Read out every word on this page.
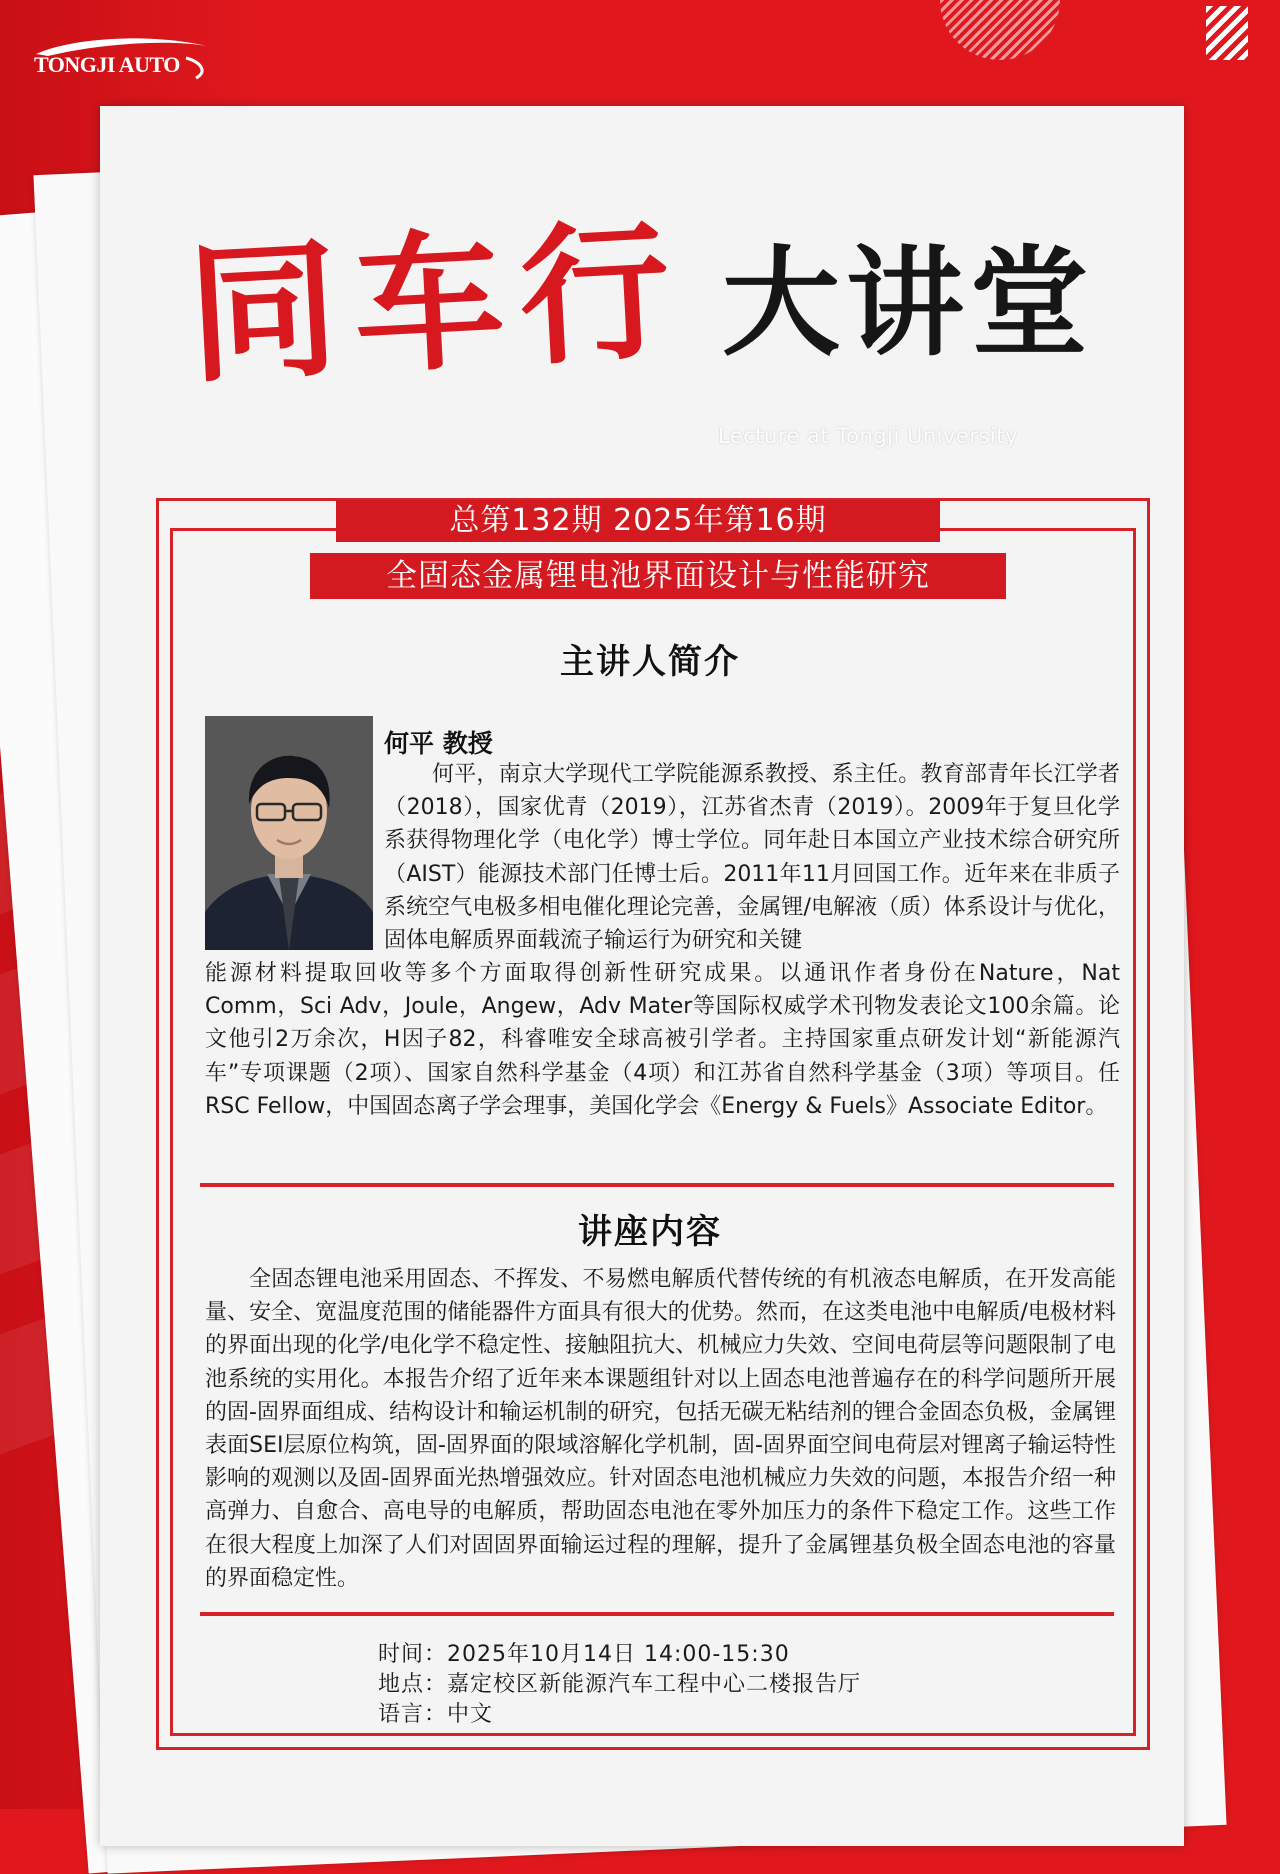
TONGJI AUTO
同车行 大讲堂
Lecture at Tongji University
总第132期 2025年第16期
全固态金属锂电池界面设计与性能研究
主讲人简介
何平 教授
何平，南京大学现代工学院能源系教授、系主任。教育部青年长江学者（2018），国家优青（2019），江苏省杰青（2019）。2009年于复旦化学系获得物理化学（电化学）博士学位。同年赴日本国立产业技术综合研究所（AIST）能源技术部门任博士后。2011年11月回国工作。近年来在非质子系统空气电极多相电催化理论完善，金属锂/电解液（质）体系设计与优化，固体电解质界面载流子输运行为研究和关键
能源材料提取回收等多个方面取得创新性研究成果。以通讯作者身份在Nature，Nat Comm，Sci Adv，Joule，Angew，Adv Mater等国际权威学术刊物发表论文100余篇。论文他引2万余次，H因子82，科睿唯安全球高被引学者。主持国家重点研发计划“新能源汽车”专项课题（2项）、国家自然科学基金（4项）和江苏省自然科学基金（3项）等项目。任RSC Fellow，中国固态离子学会理事，美国化学会《Energy & Fuels》Associate Editor。
讲座内容
全固态锂电池采用固态、不挥发、不易燃电解质代替传统的有机液态电解质，在开发高能量、安全、宽温度范围的储能器件方面具有很大的优势。然而，在这类电池中电解质/电极材料的界面出现的化学/电化学不稳定性、接触阻抗大、机械应力失效、空间电荷层等问题限制了电池系统的实用化。本报告介绍了近年来本课题组针对以上固态电池普遍存在的科学问题所开展的固-固界面组成、结构设计和输运机制的研究，包括无碳无粘结剂的锂合金固态负极，金属锂表面SEI层原位构筑，固-固界面的限域溶解化学机制，固-固界面空间电荷层对锂离子输运特性影响的观测以及固-固界面光热增强效应。针对固态电池机械应力失效的问题，本报告介绍一种高弹力、自愈合、高电导的电解质，帮助固态电池在零外加压力的条件下稳定工作。这些工作在很大程度上加深了人们对固固界面输运过程的理解，提升了金属锂基负极全固态电池的容量的界面稳定性。
时间：2025年10月14日 14:00-15:30
地点：嘉定校区新能源汽车工程中心二楼报告厅
语言：中文
